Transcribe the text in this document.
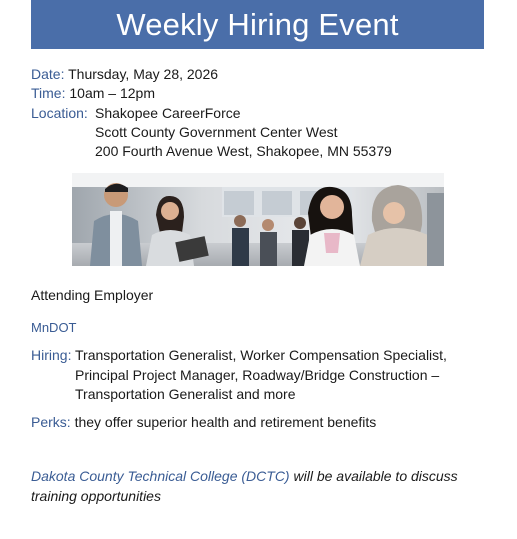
Weekly Hiring Event
Date: Thursday, May 28, 2026
Time: 10am – 12pm
Location: Shakopee CareerForce
Scott County Government Center West
200 Fourth Avenue West, Shakopee, MN 55379
Attending Employer
MnDOT
Hiring: Transportation Generalist, Worker Compensation Specialist,
Principal Project Manager, Roadway/Bridge Construction –
Transportation Generalist and more
Perks: they offer superior health and retirement benefits
Dakota County Technical College (DCTC) will be available to discuss
training opportunities
